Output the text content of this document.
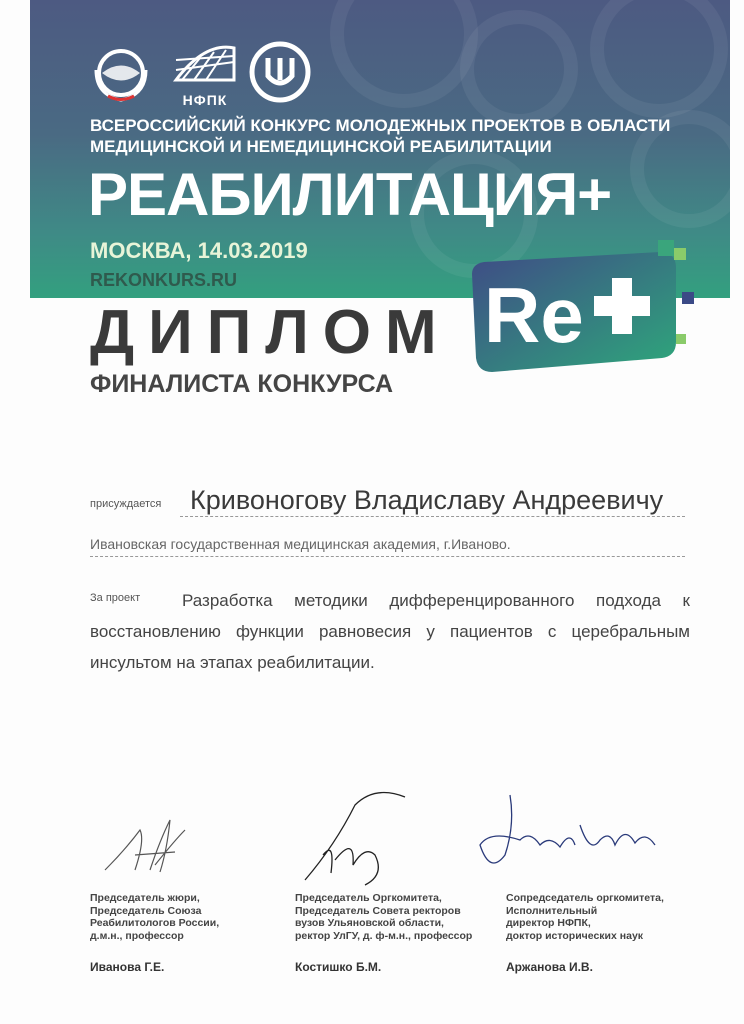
НФПК
ВСЕРОССИЙСКИЙ КОНКУРС МОЛОДЕЖНЫХ ПРОЕКТОВ В ОБЛАСТИ
МЕДИЦИНСКОЙ И НЕМЕДИЦИНСКОЙ РЕАБИЛИТАЦИИ
РЕАБИЛИТАЦИЯ+
МОСКВА, 14.03.2019
REKONKURS.RU	Re
ДИПЛОМ
ФИНАЛИСТА КОНКУРСА
присуждается Кривоногову Владиславу Андреевичу
Ивановская государственная медицинская академия, г.Иваново.
За проект	Разработка методики дифференцированного подхода к восстановлению функции равновесия у пациентов с церебральным инсультом на этапах реабилитации.
Председатель жюри,
Председатель Союза
Реабилитологов России,
д.м.н., профессор
Председатель Оргкомитета,
Председатель Совета ректоров
вузов Ульяновской области,
ректор УлГУ, д. ф-м.н., профессор
Сопредседатель оргкомитета,
Исполнительный
директор НФПК,
доктор исторических наук
Иванова Г.Е.	Костишко Б.М.	Аржанова И.В.
